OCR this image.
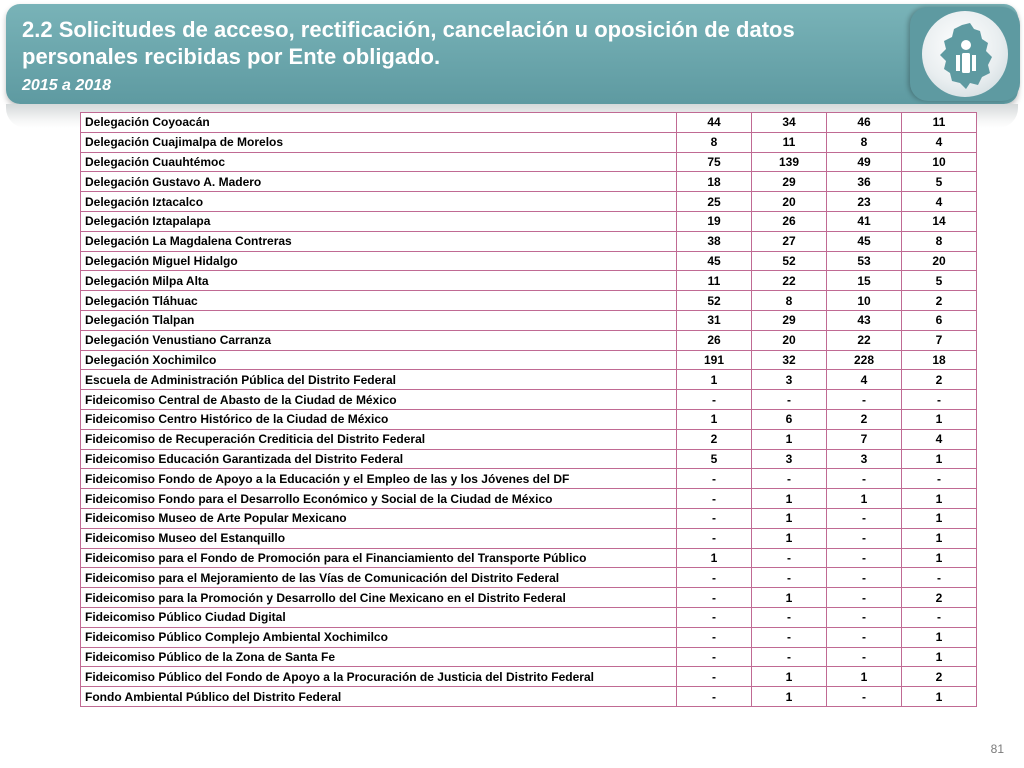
2.2 Solicitudes de acceso, rectificación, cancelación u oposición de datos personales recibidas por Ente obligado.

2015 a 2018

Delegación Coyoacán	44	34	46	11
Delegación Cuajimalpa de Morelos	8	11	8	4
Delegación Cuauhtémoc	75	139	49	10
Delegación Gustavo A. Madero	18	29	36	5
Delegación Iztacalco	25	20	23	4
Delegación Iztapalapa	19	26	41	14
Delegación La Magdalena Contreras	38	27	45	8
Delegación Miguel Hidalgo	45	52	53	20
Delegación Milpa Alta	11	22	15	5
Delegación Tláhuac	52	8	10	2
Delegación Tlalpan	31	29	43	6
Delegación Venustiano Carranza	26	20	22	7
Delegación Xochimilco	191	32	228	18
Escuela de Administración Pública del Distrito Federal	1	3	4	2
Fideicomiso Central de Abasto de la Ciudad de México	-	-	-	-
Fideicomiso Centro Histórico de la Ciudad de México	1	6	2	1
Fideicomiso de Recuperación Crediticia del Distrito Federal	2	1	7	4
Fideicomiso Educación Garantizada del Distrito Federal	5	3	3	1
Fideicomiso Fondo de Apoyo a la Educación y el Empleo de las y los Jóvenes del DF	-	-	-	-
Fideicomiso Fondo para el Desarrollo Económico y Social de la Ciudad de México	-	1	1	1
Fideicomiso Museo de Arte Popular Mexicano	-	1	-	1
Fideicomiso Museo del Estanquillo	-	1	-	1
Fideicomiso para el Fondo de Promoción para el Financiamiento del Transporte Público	1	-	-	1
Fideicomiso para el Mejoramiento de las Vías de Comunicación del Distrito Federal	-	-	-	-
Fideicomiso para la Promoción y Desarrollo del Cine Mexicano en el Distrito Federal	-	1	-	2
Fideicomiso Público Ciudad Digital	-	-	-	-
Fideicomiso Público Complejo Ambiental Xochimilco	-	-	-	1
Fideicomiso Público de la Zona de Santa Fe	-	-	-	1
Fideicomiso Público del Fondo de Apoyo a la Procuración de Justicia del Distrito Federal	-	1	1	2
Fondo Ambiental Público del Distrito Federal	-	1	-	1
81
